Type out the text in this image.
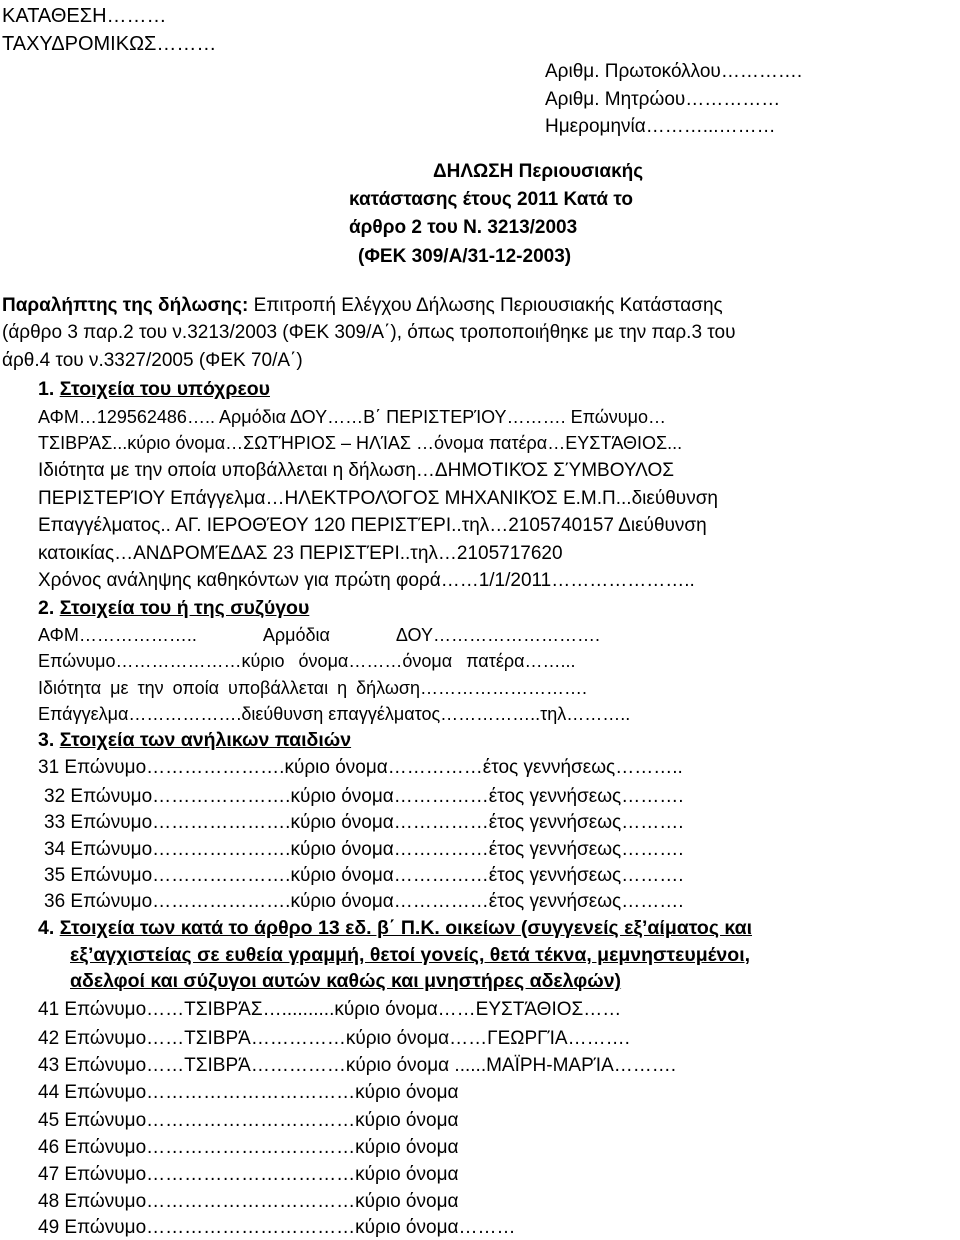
ΚΑΤΑΘΕΣΗ………
ΤΑΧΥΔΡΟΜΙΚΩΣ………
Αριθμ. Πρωτοκόλλου………….
Αριθμ. Μητρώου……………
Ημερομηνία………...………
ΔΗΛΩΣΗ Περιουσιακής
κατάστασης έτους 2011 Κατά το
άρθρο 2 του Ν. 3213/2003
(ΦΕΚ 309/Α/31-12-2003)
Παραλήπτης της δήλωσης: Επιτροπή Ελέγχου Δήλωσης Περιουσιακής Κατάστασης
(άρθρο 3 παρ.2 του ν.3213/2003 (ΦΕΚ 309/Α΄), όπως τροποποιήθηκε με την παρ.3 του
άρθ.4 του ν.3327/2005 (ΦΕΚ 70/Α΄)
1. Στοιχεία του υπόχρεου
ΑΦΜ…129562486….. Αρμόδια ΔΟΥ……Β΄ ΠΕΡΙΣΤΕΡΊΟΥ………. Επώνυμο…
ΤΣΙΒΡΆΣ...κύριο όνομα…ΣΩΤΉΡΙΟΣ – ΗΛΊΑΣ …όνομα πατέρα…ΕΥΣΤΆΘΙΟΣ...
Ιδιότητα με την οποία υποβάλλεται η δήλωση…ΔΗΜΟΤΙΚΌΣ ΣΎΜΒΟΥΛΟΣ
ΠΕΡΙΣΤΕΡΊΟΥ Επάγγελμα…ΗΛΕΚΤΡΟΛΌΓΟΣ ΜΗΧΑΝΙΚΌΣ Ε.Μ.Π...διεύθυνση
Επαγγέλματος.. ΑΓ. ΙΕΡΟΘΈΟΥ 120 ΠΕΡΙΣΤΈΡΙ..τηλ…2105740157 Διεύθυνση
κατοικίας…ΑΝΔΡΟΜΈΔΑΣ 23 ΠΕΡΙΣΤΈΡΙ..τηλ…2105717620
Χρόνος ανάληψης καθηκόντων για πρώτη φορά……1/1/2011…………………..
2. Στοιχεία του ή της συζύγου
ΑΦΜ……………….. Αρμόδια ΔΟΥ……………………….
Επώνυμο…………………κύριο όνομα………όνομα πατέρα……...
Ιδιότητα με την οποία υποβάλλεται η δήλωση……………………….
Επάγγελμα……………….διεύθυνση επαγγέλματος……………..τηλ………..
3. Στοιχεία των ανήλικων παιδιών
31 Επώνυμο………………….κύριο όνομα……………έτος γεννήσεως………..
32 Επώνυμο………………….κύριο όνομα……………έτος γεννήσεως……….
33 Επώνυμο………………….κύριο όνομα……………έτος γεννήσεως……….
34 Επώνυμο………………….κύριο όνομα……………έτος γεννήσεως……….
35 Επώνυμο………………….κύριο όνομα……………έτος γεννήσεως……….
36 Επώνυμο………………….κύριο όνομα……………έτος γεννήσεως……….
4. Στοιχεία των κατά το άρθρο 13 εδ. β΄ Π.Κ. οικείων (συγγενείς εξ’αίματος και
εξ’αγχιστείας σε ευθεία γραμμή, θετοί γονείς, θετά τέκνα, μεμνηστευμένοι,
αδελφοί και σύζυγοι αυτών καθώς και μνηστήρες αδελφών)
41 Επώνυμο……ΤΣΙΒΡΆΣ…..........κύριο όνομα……ΕΥΣΤΆΘΙΟΣ……
42 Επώνυμο……ΤΣΙΒΡΆ……………κύριο όνομα……ΓΕΩΡΓΊΑ……….
43 Επώνυμο……ΤΣΙΒΡΆ……………κύριο όνομα ......ΜΑΪΡΗ-ΜΑΡΊΑ……….
44 Επώνυμο……………………………κύριο όνομα
45 Επώνυμο……………………………κύριο όνομα
46 Επώνυμο……………………………κύριο όνομα
47 Επώνυμο……………………………κύριο όνομα
48 Επώνυμο……………………………κύριο όνομα
49 Επώνυμο……………………………κύριο όνομα………
